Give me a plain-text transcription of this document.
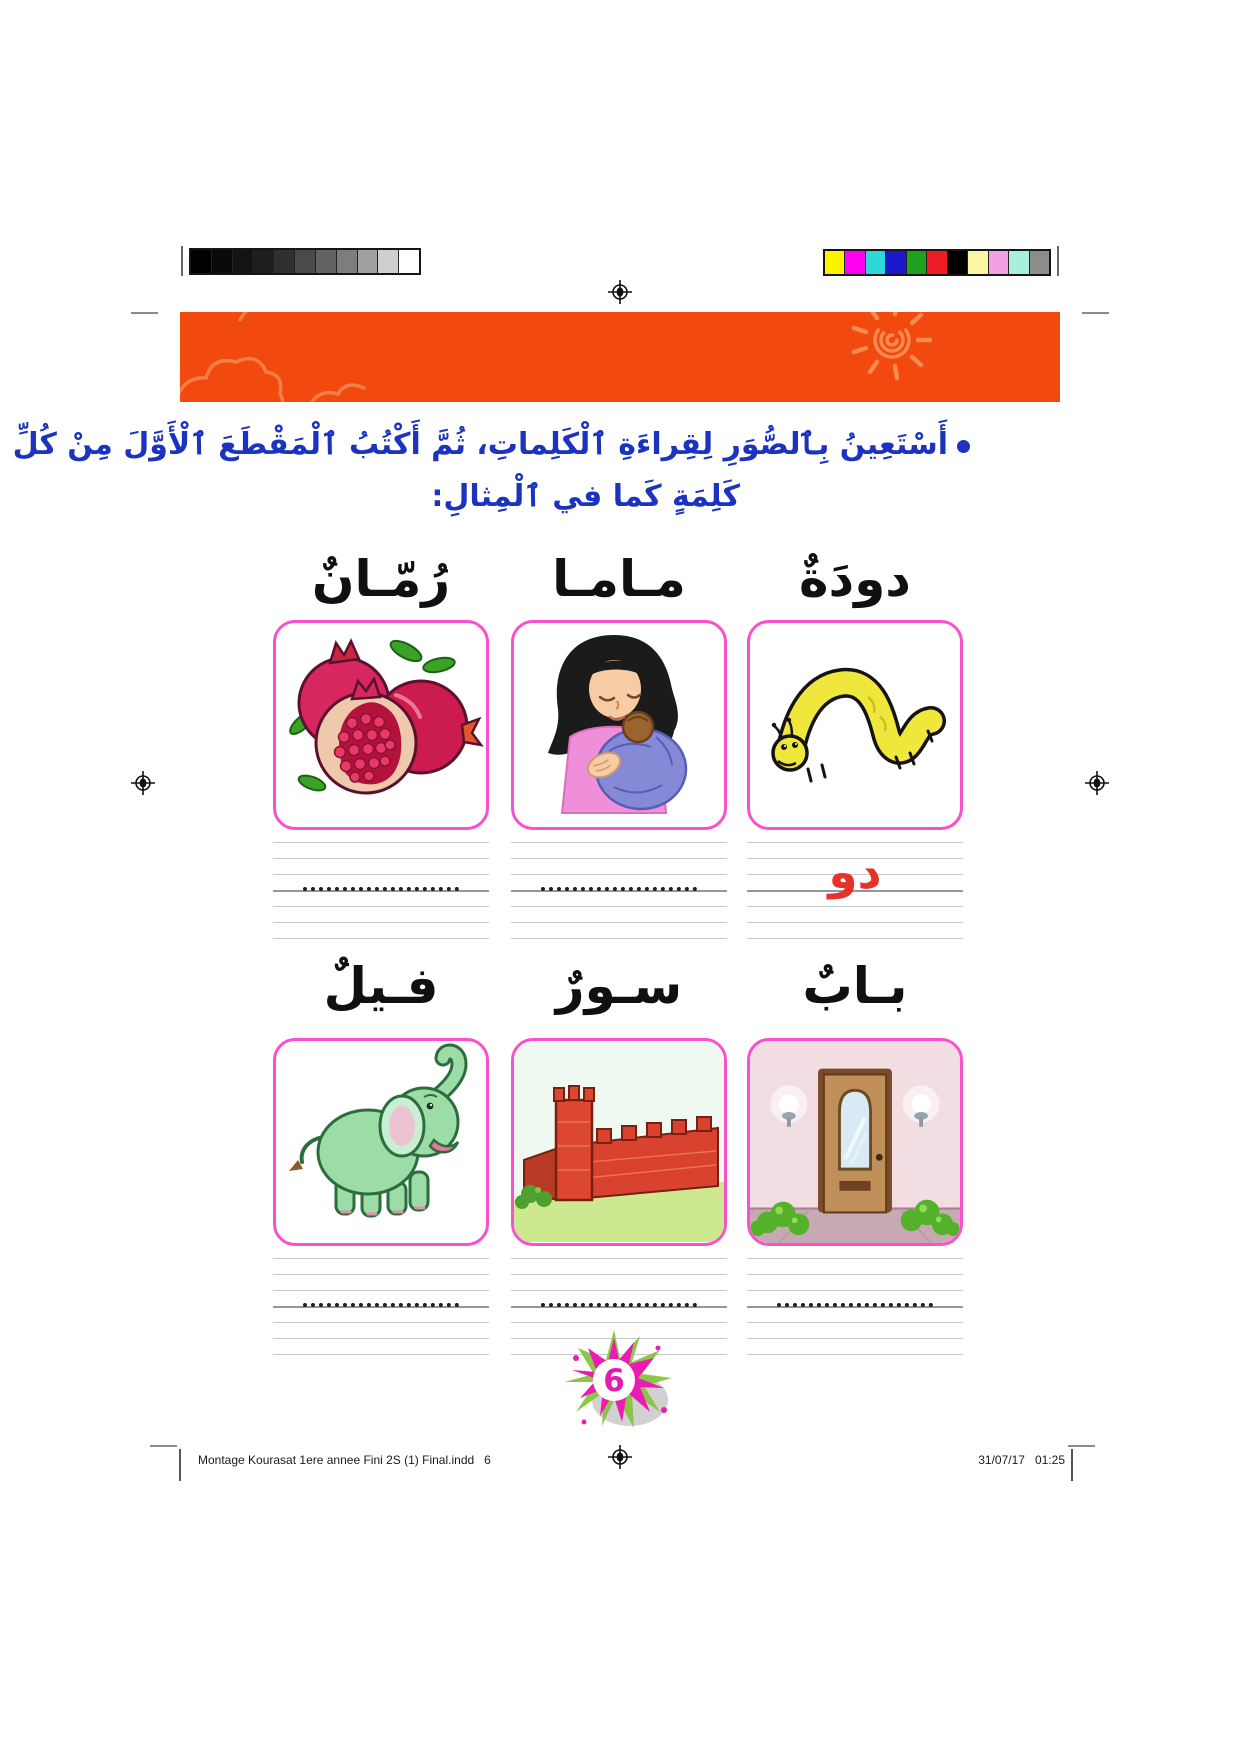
أَسْتَعِينُ بِٱلصُّوَرِ لِقِراءَةِ ٱلْكَلِماتِ، ثُمَّ أَكْتُبُ ٱلْمَقْطَعَ ٱلْأَوَّلَ مِنْ كُلِّ
كَلِمَةٍ كَما في ٱلْمِثالِ:
دودَةٌ
مـامـا
رُمّـانٌ
دو
بـابٌ
سـورٌ
فـيلٌ
6
Montage Kourasat 1ere annee Fini 2S (1) Final.indd   6	31/07/17   01:25
